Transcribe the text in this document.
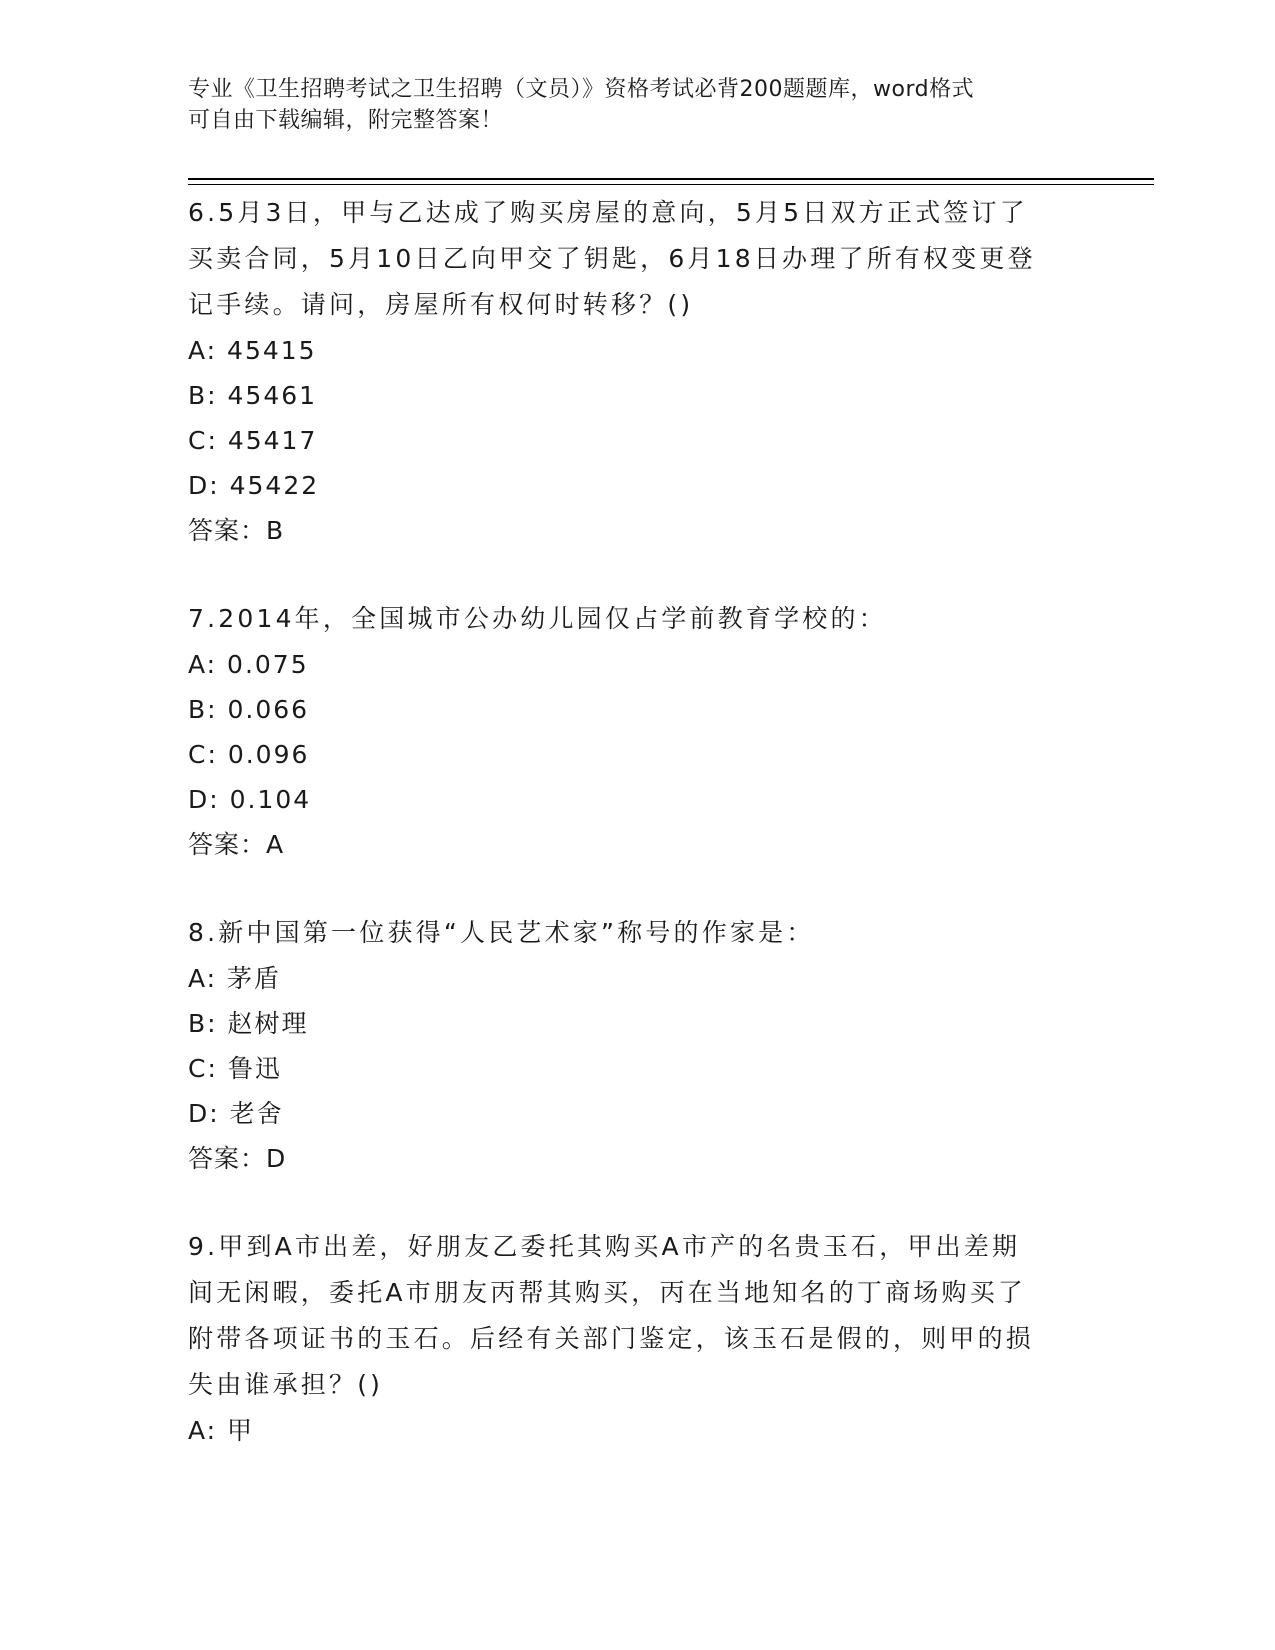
专业《卫生招聘考试之卫生招聘（文员）》资格考试必背200题题库，word格式
可自由下载编辑，附完整答案！
6.5月3日，甲与乙达成了购买房屋的意向，5月5日双方正式签订了
买卖合同，5月10日乙向甲交了钥匙，6月18日办理了所有权变更登
记手续。请问，房屋所有权何时转移？()
A: 45415
B: 45461
C: 45417
D: 45422
答案：B
7.2014年，全国城市公办幼儿园仅占学前教育学校的：
A: 0.075
B: 0.066
C: 0.096
D: 0.104
答案：A
8.新中国第一位获得“人民艺术家”称号的作家是：
A: 茅盾
B: 赵树理
C: 鲁迅
D: 老舍
答案：D
9.甲到A市出差，好朋友乙委托其购买A市产的名贵玉石，甲出差期
间无闲暇，委托A市朋友丙帮其购买，丙在当地知名的丁商场购买了
附带各项证书的玉石。后经有关部门鉴定，该玉石是假的，则甲的损
失由谁承担？()
A: 甲
